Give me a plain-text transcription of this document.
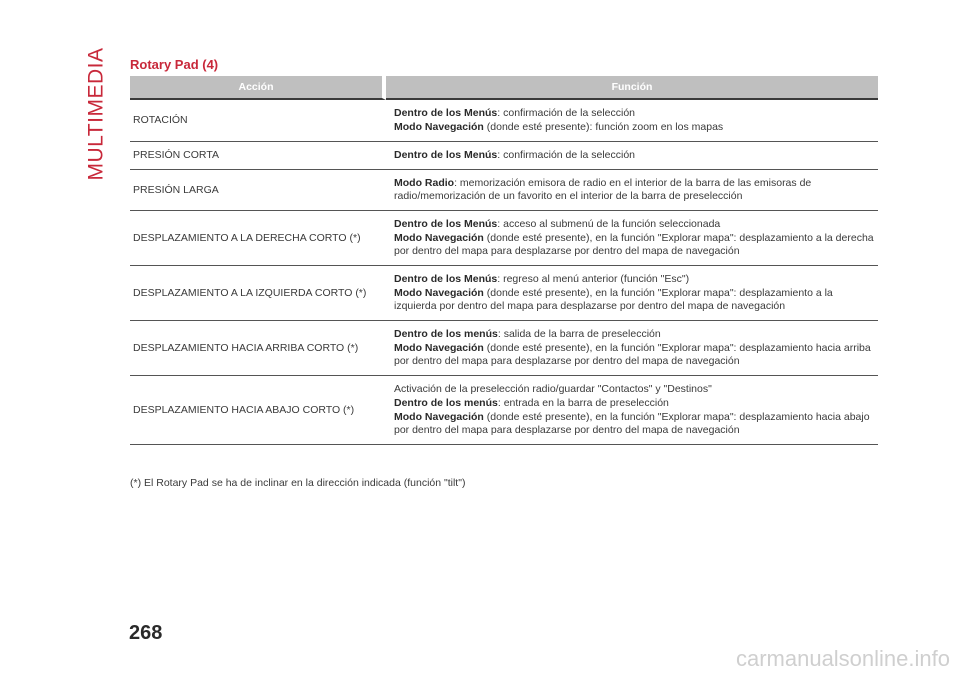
MULTIMEDIA Rotary Pad (4)
Acción	Función
ROTACIÓN	Dentro de los Menús: confirmación de la selección
Modo Navegación (donde esté presente): función zoom en los mapas

PRESIÓN CORTA	Dentro de los Menús: confirmación de la selección

PRESIÓN LARGA	Modo Radio: memorización emisora de radio en el interior de la barra de las emisoras de radio/memorización de un favorito en el interior de la barra de preselección

DESPLAZAMIENTO A LA DERECHA CORTO (*)	Dentro de los Menús: acceso al submenú de la función seleccionada
Modo Navegación (donde esté presente), en la función "Explorar mapa": desplazamiento a la derecha por dentro del mapa para desplazarse por dentro del mapa de navegación

DESPLAZAMIENTO A LA IZQUIERDA CORTO (*)	Dentro de los Menús: regreso al menú anterior (función "Esc")
Modo Navegación (donde esté presente), en la función "Explorar mapa": desplazamiento a la izquierda por dentro del mapa para desplazarse por dentro del mapa de navegación

DESPLAZAMIENTO HACIA ARRIBA CORTO (*)	Dentro de los menús: salida de la barra de preselección
Modo Navegación (donde esté presente), en la función "Explorar mapa": desplazamiento hacia arriba por dentro del mapa para desplazarse por dentro del mapa de navegación

DESPLAZAMIENTO HACIA ABAJO CORTO (*)	Activación de la preselección radio/guardar "Contactos" y "Destinos"
Dentro de los menús: entrada en la barra de preselección
Modo Navegación (donde esté presente), en la función "Explorar mapa": desplazamiento hacia abajo por dentro del mapa para desplazarse por dentro del mapa de navegación
(*) El Rotary Pad se ha de inclinar en la dirección indicada (función "tilt")
268
carmanualsonline.info
